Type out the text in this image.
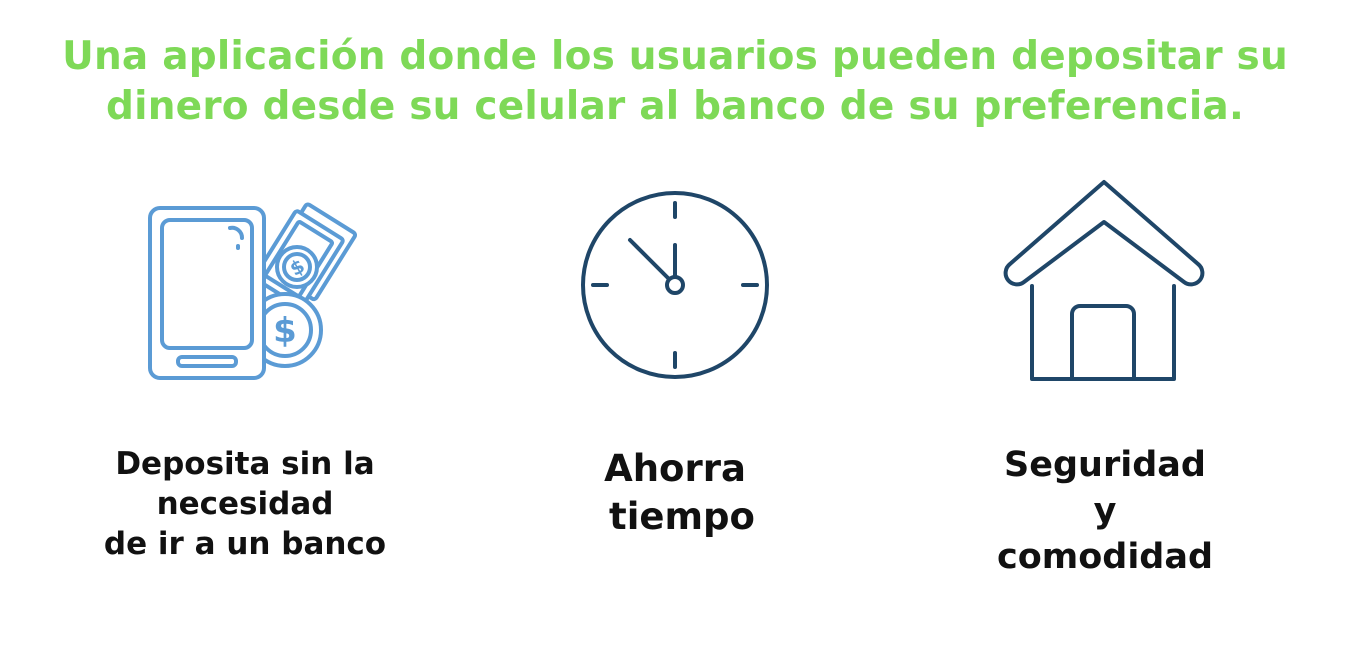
Una aplicación donde los usuarios pueden depositar su
dinero desde su celular al banco de su preferencia.
$
$

Deposita sin la
necesidad
de ir a un banco

Ahorra
tiempo

Seguridad
y
comodidad
